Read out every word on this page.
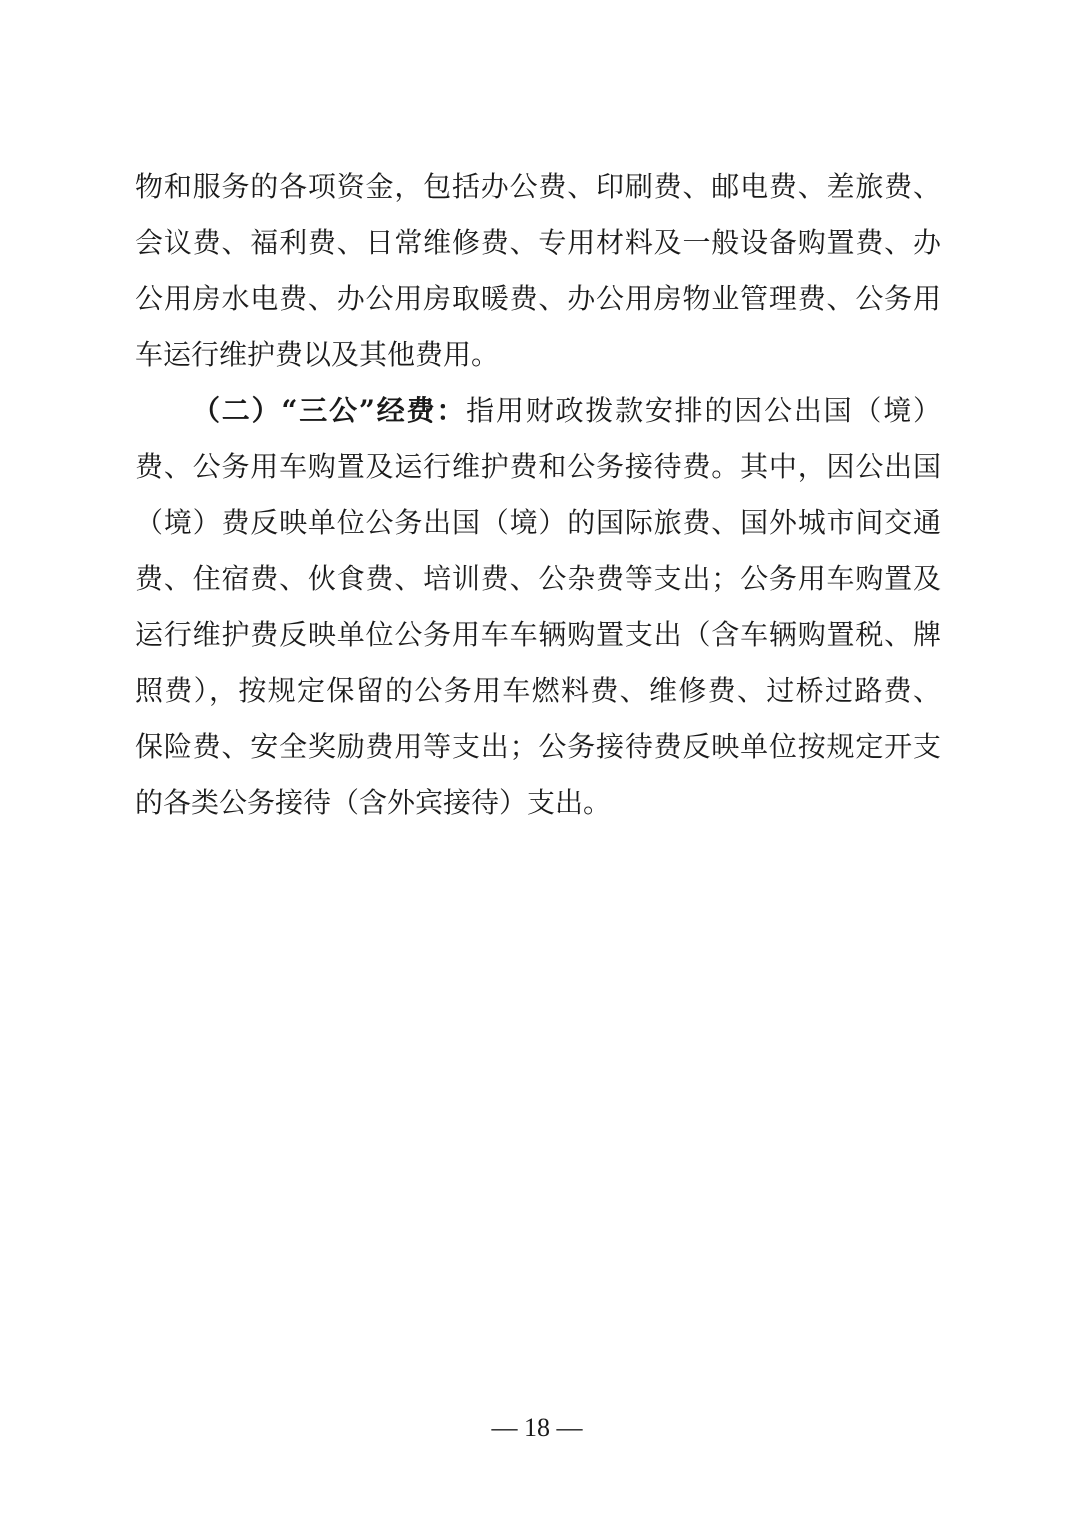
物和服务的各项资金，包括办公费、印刷费、邮电费、差旅费、
会议费、福利费、日常维修费、专用材料及一般设备购置费、办
公用房水电费、办公用房取暖费、办公用房物业管理费、公务用
车运行维护费以及其他费用。
（二）“三公”经费：指用财政拨款安排的因公出国（境）
费、公务用车购置及运行维护费和公务接待费。其中，因公出国
（境）费反映单位公务出国（境）的国际旅费、国外城市间交通
费、住宿费、伙食费、培训费、公杂费等支出；公务用车购置及
运行维护费反映单位公务用车车辆购置支出（含车辆购置税、牌
照费），按规定保留的公务用车燃料费、维修费、过桥过路费、
保险费、安全奖励费用等支出；公务接待费反映单位按规定开支
的各类公务接待（含外宾接待）支出。
— 18 —
